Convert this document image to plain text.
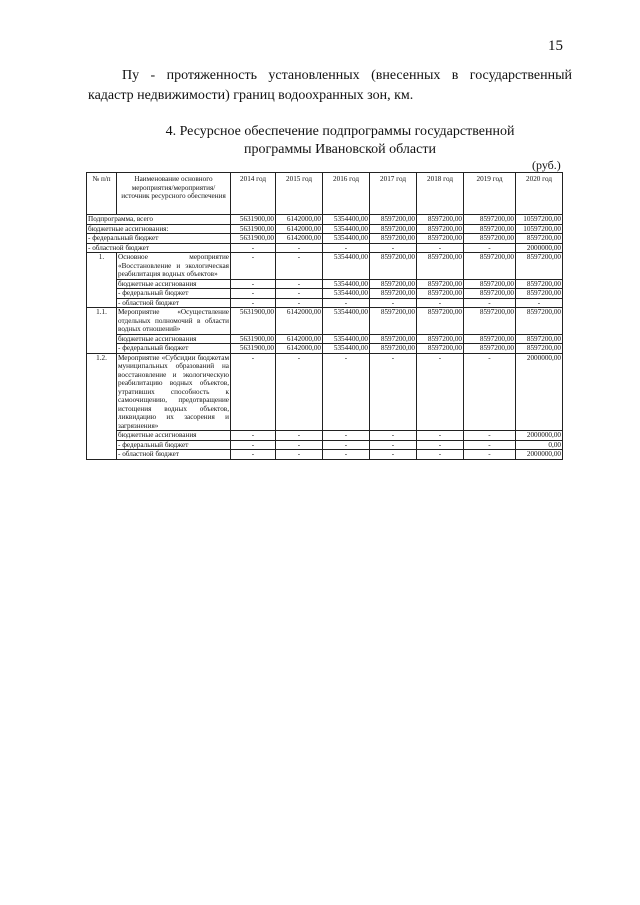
15
Пу - протяженность установленных (внесенных в государственный кадастр недвижимости) границ водоохранных зон, км.
4. Ресурсное обеспечение подпрограммы государственной программы Ивановской области
(руб.)
№ п/п	Наименование основного мероприятия/мероприятия/ источник ресурсного обеспечения	2014 год	2015 год	2016 год	2017 год	2018 год	2019 год	2020 год
Подпрограмма, всего		5631900,00	6142000,00	5354400,00	8597200,00	8597200,00	8597200,00	10597200,00
бюджетные ассигнования:		5631900,00	6142000,00	5354400,00	8597200,00	8597200,00	8597200,00	10597200,00
- федеральный бюджет		5631900,00	6142000,00	5354400,00	8597200,00	8597200,00	8597200,00	8597200,00
- областной бюджет		-	-	-	-	-	-	2000000,00
1.	Основное мероприятие «Восстановление и экологическая реабилитация водных объектов»	-	-	5354400,00	8597200,00	8597200,00	8597200,00	8597200,00
	бюджетные ассигнования	-	-	5354400,00	8597200,00	8597200,00	8597200,00	8597200,00
	- федеральный бюджет	-	-	5354400,00	8597200,00	8597200,00	8597200,00	8597200,00
	- областной бюджет	-	-	-	-	-	-	-
1.1.	Мероприятие «Осуществление отдельных полномочий в области водных отношений»	5631900,00	6142000,00	5354400,00	8597200,00	8597200,00	8597200,00	8597200,00
	бюджетные ассигнования	5631900,00	6142000,00	5354400,00	8597200,00	8597200,00	8597200,00	8597200,00
	- федеральный бюджет	5631900,00	6142000,00	5354400,00	8597200,00	8597200,00	8597200,00	8597200,00
1.2.	Мероприятие «Субсидии бюджетам муниципальных образований на восстановление и экологическую реабилитацию водных объектов, утративших способность к самоочищению, предотвращение истощения водных объектов, ликвидацию их засорения и загрязнения»	-	-	-	-	-	-	2000000,00
	бюджетные ассигнования	-	-	-	-	-	-	2000000,00
	- федеральный бюджет	-	-	-	-	-	-	0,00
	- областной бюджет	-	-	-	-	-	-	2000000,00
